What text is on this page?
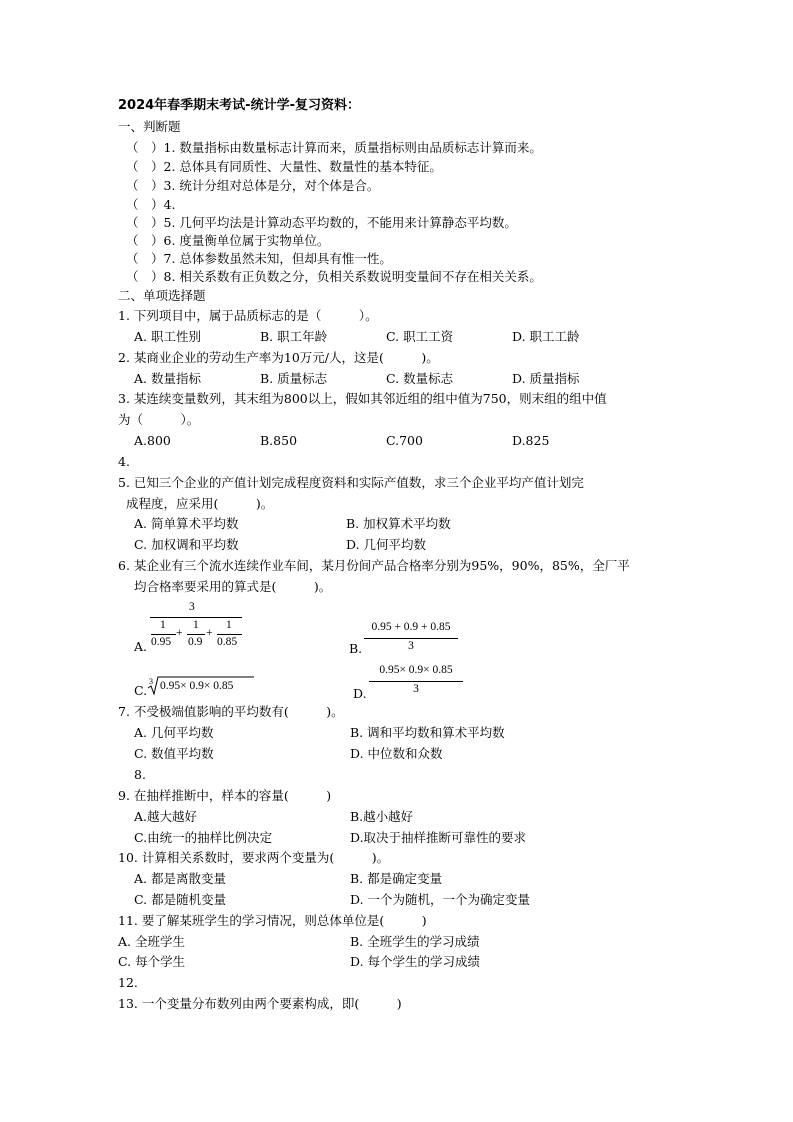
2024年春季期末考试-统计学-复习资料：
一、判断题
（　）1. 数量指标由数量标志计算而来，质量指标则由品质标志计算而来。
（　）2. 总体具有同质性、大量性、数量性的基本特征。
（　）3. 统计分组对总体是分，对个体是合。
（　）4.
（　）5. 几何平均法是计算动态平均数的，不能用来计算静态平均数。
（　）6. 度量衡单位属于实物单位。
（　）7. 总体参数虽然未知，但却具有惟一性。
（　）8. 相关系数有正负数之分，负相关系数说明变量间不存在相关关系。
二、单项选择题
1. 下列项目中，属于品质标志的是（　　　）。
A. 职工性别	B. 职工年龄	C. 职工工资	D. 职工工龄
2. 某商业企业的劳动生产率为10万元/人，这是(　　　)。
A. 数量指标	B. 质量标志	C. 数量标志	D. 质量指标
3. 某连续变量数列，其末组为800以上，假如其邻近组的组中值为750，则末组的组中值
为（　　　）。
A.800	B.850	C.700	D.825
4.
5. 已知三个企业的产值计划完成程度资料和实际产值数，求三个企业平均产值计划完
成程度，应采用(　　　)。
A. 简单算术平均数	B. 加权算术平均数
C. 加权调和平均数	D. 几何平均数
6. 某企业有三个流水连续作业车间，某月份间产品合格率分别为95%，90%，85%，全厂平
均合格率要采用的算式是(　　　)。
A.
3
1
0.95
+
1
0.9
+
1
0.85	B.
0.95 + 0.9 + 0.85
3
C.
3 0.95× 0.9× 0.85	D.
0.95× 0.9× 0.85
3
7. 不受极端值影响的平均数有(　　　)。
A. 几何平均数	B. 调和平均数和算术平均数
C. 数值平均数	D. 中位数和众数
8.
9. 在抽样推断中，样本的容量(　　　)
A.越大越好	B.越小越好
C.由统一的抽样比例决定	D.取决于抽样推断可靠性的要求
10. 计算相关系数时，要求两个变量为(　　　)。
A. 都是离散变量	B. 都是确定变量
C. 都是随机变量	D. 一个为随机，一个为确定变量
11. 要了解某班学生的学习情况，则总体单位是(　　　)
A. 全班学生	B. 全班学生的学习成绩
C. 每个学生	D. 每个学生的学习成绩
12.
13. 一个变量分布数列由两个要素构成，即(　　　)
